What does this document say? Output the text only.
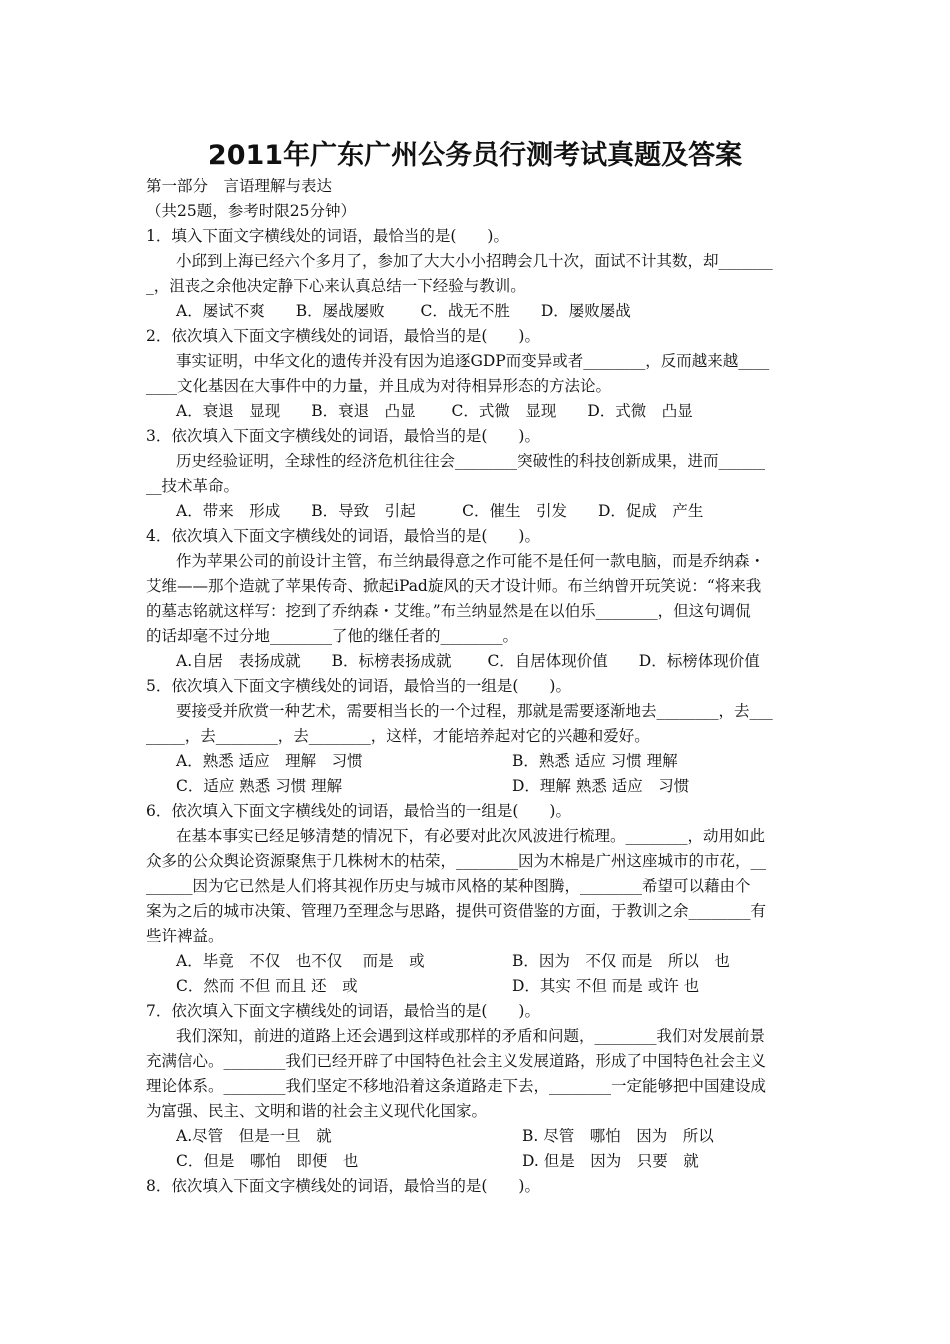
2011年广东广州公务员行测考试真题及答案
第一部分　言语理解与表达
（共25题，参考时限25分钟）
1．填入下面文字横线处的词语，最恰当的是(　　)。
小邱到上海已经六个多月了，参加了大大小小招聘会几十次，面试不计其数，却_______
_，沮丧之余他决定静下心来认真总结一下经验与教训。
A．屡试不爽　　B．屡战屡败　　 C．战无不胜　　D．屡败屡战
2．依次填入下面文字横线处的词语，最恰当的是(　　)。
事实证明，中华文化的遗传并没有因为追逐GDP而变异或者________，反而越来越____
____文化基因在大事件中的力量，并且成为对待相异形态的方法论。
A．衰退　显现　　B．衰退　凸显　　 C．式微　显现　　D．式微　凸显
3．依次填入下面文字横线处的词语，最恰当的是(　　)。
历史经验证明，全球性的经济危机往往会________突破性的科技创新成果，进而______
__技术革命。
A．带来　形成　　B．导致　引起　　　C．催生　引发　　D．促成　产生
4．依次填入下面文字横线处的词语，最恰当的是(　　)。
作为苹果公司的前设计主管，布兰纳最得意之作可能不是任何一款电脑，而是乔纳森・
艾维——那个造就了苹果传奇、掀起iPad旋风的天才设计师。布兰纳曾开玩笑说：“将来我
的墓志铭就这样写：挖到了乔纳森・艾维。”布兰纳显然是在以伯乐________，但这句调侃
的话却毫不过分地________了他的继任者的________。
A.自居　表扬成就　　B．标榜表扬成就　　 C．自居体现价值　　D．标榜体现价值
5．依次填入下面文字横线处的词语，最恰当的一组是(　　)。
要接受并欣赏一种艺术，需要相当长的一个过程，那就是需要逐渐地去________，去___
_____，去________，去________，这样，才能培养起对它的兴趣和爱好。
A．熟悉 适应　理解　习惯	B．熟悉 适应 习惯 理解
C．适应 熟悉 习惯 理解	D．理解 熟悉 适应　习惯
6．依次填入下面文字横线处的词语，最恰当的一组是(　　)。
在基本事实已经足够清楚的情况下，有必要对此次风波进行梳理。________，动用如此
众多的公众舆论资源聚焦于几株树木的枯荣，________因为木棉是广州这座城市的市花，__
______因为它已然是人们将其视作历史与城市风格的某种图腾，________希望可以藉由个
案为之后的城市决策、管理乃至理念与思路，提供可资借鉴的方面，于教训之余________有
些许裨益。
A．毕竟　不仅　也不仅　 而是　或	B．因为　不仅 而是　所以　也
C．然而 不但 而且 还　或	D．其实 不但 而是 或许 也
7．依次填入下面文字横线处的词语，最恰当的是(　　)。
我们深知，前进的道路上还会遇到这样或那样的矛盾和问题，________我们对发展前景
充满信心。________我们已经开辟了中国特色社会主义发展道路，形成了中国特色社会主义
理论体系。________我们坚定不移地沿着这条道路走下去，________一定能够把中国建设成
为富强、民主、文明和谐的社会主义现代化国家。
A.尽管　但是一旦　就	B. 尽管　哪怕　因为　所以
C．但是　哪怕　即便　也	D. 但是　因为　只要　就
8．依次填入下面文字横线处的词语，最恰当的是(　　)。
